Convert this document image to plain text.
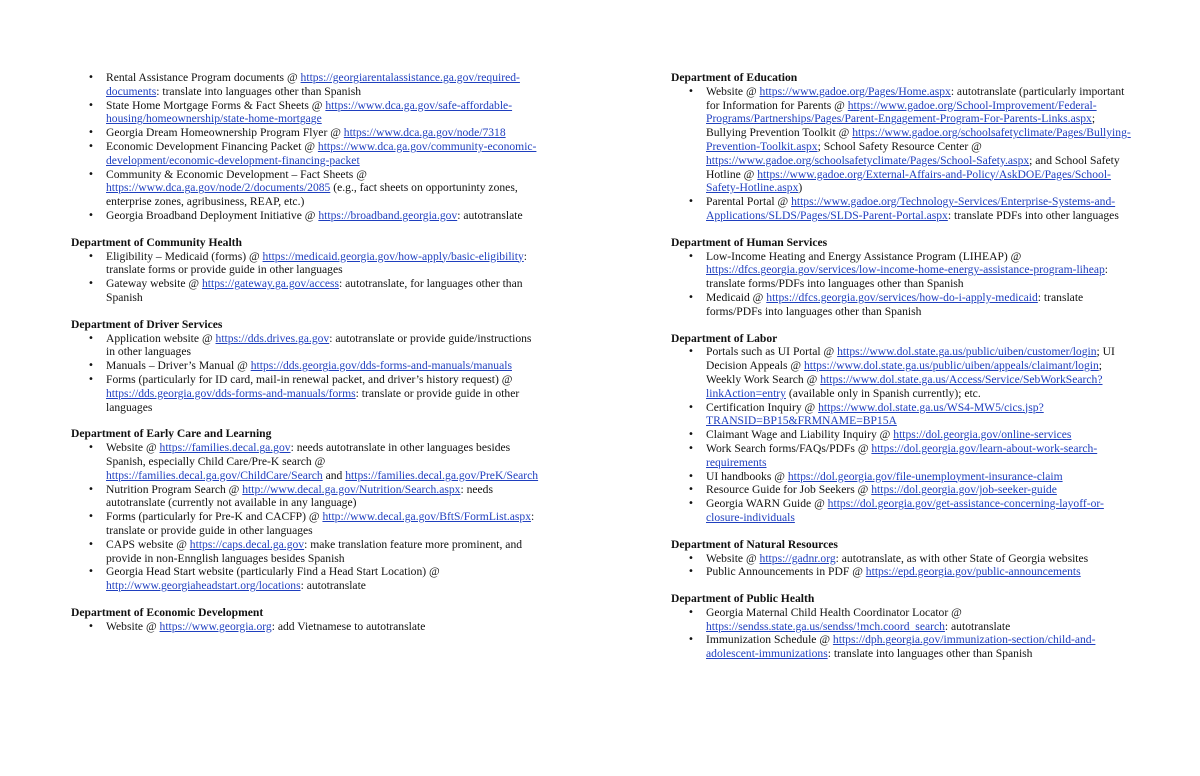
• Rental Assistance Program documents @ https://georgiarentalassistance.ga.gov/required-documents: translate into languages other than Spanish
• State Home Mortgage Forms & Fact Sheets @ https://www.dca.ga.gov/safe-affordable-housing/homeownership/state-home-mortgage
• Georgia Dream Homeownership Program Flyer @ https://www.dca.ga.gov/node/7318
• Economic Development Financing Packet @ https://www.dca.ga.gov/community-economic-development/economic-development-financing-packet
• Community & Economic Development – Fact Sheets @ https://www.dca.ga.gov/node/2/documents/2085 (e.g., fact sheets on opportuninty zones, enterprise zones, agribusiness, REAP, etc.)
• Georgia Broadband Deployment Initiative @ https://broadband.georgia.gov: autotranslate
Department of Community Health
• Eligibility – Medicaid (forms) @ https://medicaid.georgia.gov/how-apply/basic-eligibility: translate forms or provide guide in other languages
• Gateway website @ https://gateway.ga.gov/access: autotranslate, for languages other than Spanish
Department of Driver Services
• Application website @ https://dds.drives.ga.gov: autotranslate or provide guide/instructions in other languages
• Manuals – Driver’s Manual @ https://dds.georgia.gov/dds-forms-and-manuals/manuals
• Forms (particularly for ID card, mail-in renewal packet, and driver’s history request) @ https://dds.georgia.gov/dds-forms-and-manuals/forms: translate or provide guide in other languages
Department of Early Care and Learning
• Website @ https://families.decal.ga.gov: needs autotranslate in other languages besides Spanish, especially Child Care/Pre-K search @ https://families.decal.ga.gov/ChildCare/Search and https://families.decal.ga.gov/PreK/Search
• Nutrition Program Search @ http://www.decal.ga.gov/Nutrition/Search.aspx: needs autotranslate (currently not available in any language)
• Forms (particularly for Pre-K and CACFP) @ http://www.decal.ga.gov/BftS/FormList.aspx: translate or provide guide in other languages
• CAPS website @ https://caps.decal.ga.gov: make translation feature more prominent, and provide in non-Ennglish languages besides Spanish
• Georgia Head Start website (particularly Find a Head Start Location) @ http://www.georgiaheadstart.org/locations: autotranslate
Department of Economic Development
• Website @ https://www.georgia.org: add Vietnamese to autotranslate
Department of Education
• Website @ https://www.gadoe.org/Pages/Home.aspx: autotranslate (particularly important for Information for Parents @ https://www.gadoe.org/School-Improvement/Federal-Programs/Partnerships/Pages/Parent-Engagement-Program-For-Parents-Links.aspx; Bullying Prevention Toolkit @ https://www.gadoe.org/schoolsafetyclimate/Pages/Bullying-Prevention-Toolkit.aspx; School Safety Resource Center @ https://www.gadoe.org/schoolsafetyclimate/Pages/School-Safety.aspx; and School Safety Hotline @ https://www.gadoe.org/External-Affairs-and-Policy/AskDOE/Pages/School-Safety-Hotline.aspx)
• Parental Portal @ https://www.gadoe.org/Technology-Services/Enterprise-Systems-and-Applications/SLDS/Pages/SLDS-Parent-Portal.aspx: translate PDFs into other languages
Department of Human Services
• Low-Income Heating and Energy Assistance Program (LIHEAP) @ https://dfcs.georgia.gov/services/low-income-home-energy-assistance-program-liheap: translate forms/PDFs into languages other than Spanish
• Medicaid @ https://dfcs.georgia.gov/services/how-do-i-apply-medicaid: translate forms/PDFs into languages other than Spanish
Department of Labor
• Portals such as UI Portal @ https://www.dol.state.ga.us/public/uiben/customer/login; UI Decision Appeals @ https://www.dol.state.ga.us/public/uiben/appeals/claimant/login; Weekly Work Search @ https://www.dol.state.ga.us/Access/Service/SebWorkSearch?linkAction=entry (available only in Spanish currently); etc.
• Certification Inquiry @ https://www.dol.state.ga.us/WS4-MW5/cics.jsp?TRANSID=BP15&FRMNAME=BP15A
• Claimant Wage and Liability Inquiry @ https://dol.georgia.gov/online-services
• Work Search forms/FAQs/PDFs @ https://dol.georgia.gov/learn-about-work-search-requirements
• UI handbooks @ https://dol.georgia.gov/file-unemployment-insurance-claim
• Resource Guide for Job Seekers @ https://dol.georgia.gov/job-seeker-guide
• Georgia WARN Guide @ https://dol.georgia.gov/get-assistance-concerning-layoff-or-closure-individuals
Department of Natural Resources
• Website @ https://gadnr.org: autotranslate, as with other State of Georgia websites
• Public Announcements in PDF @ https://epd.georgia.gov/public-announcements
Department of Public Health
• Georgia Maternal Child Health Coordinator Locator @ https://sendss.state.ga.us/sendss/!mch.coord_search: autotranslate
• Immunization Schedule @ https://dph.georgia.gov/immunization-section/child-and-adolescent-immunizations: translate into languages other than Spanish
